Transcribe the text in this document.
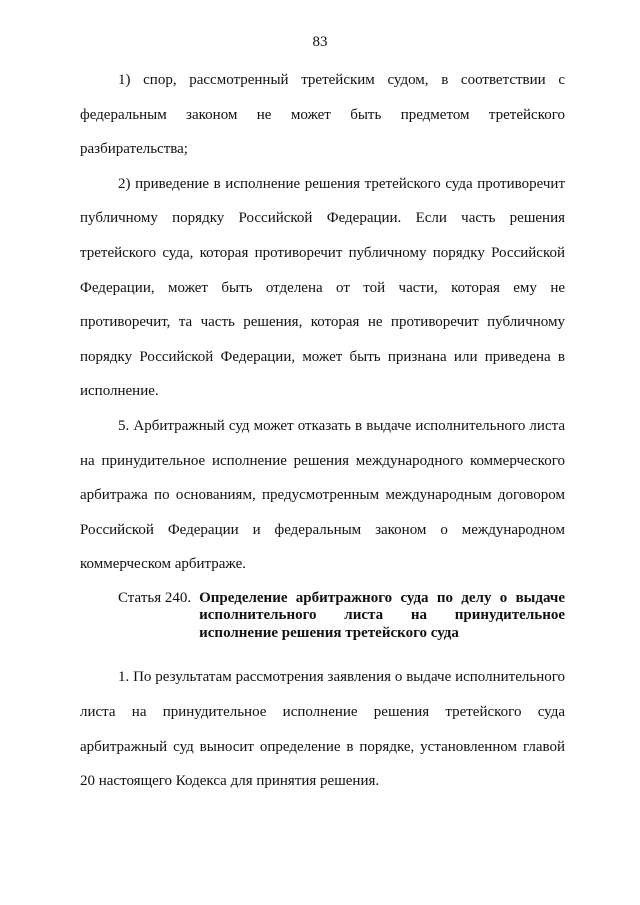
83

1) спор, рассмотренный третейским судом, в соответствии с федеральным законом не может быть предметом третейского разбирательства;

2) приведение в исполнение решения третейского суда противоречит публичному порядку Российской Федерации. Если часть решения третейского суда, которая противоречит публичному порядку Российской Федерации, может быть отделена от той части, которая ему не противоречит, та часть решения, которая не противоречит публичному порядку Российской Федерации, может быть признана или приведена в исполнение.

5. Арбитражный суд может отказать в выдаче исполнительного листа на принудительное исполнение решения международного коммерческого арбитража по основаниям, предусмотренным международным договором Российской Федерации и федеральным законом о международном коммерческом арбитраже.

Статья 240. Определение арбитражного суда по делу о выдаче исполнительного листа на принудительное исполнение решения третейского суда

1. По результатам рассмотрения заявления о выдаче исполнительного листа на принудительное исполнение решения третейского суда арбитражный суд выносит определение в порядке, установленном главой 20 настоящего Кодекса для принятия решения.
